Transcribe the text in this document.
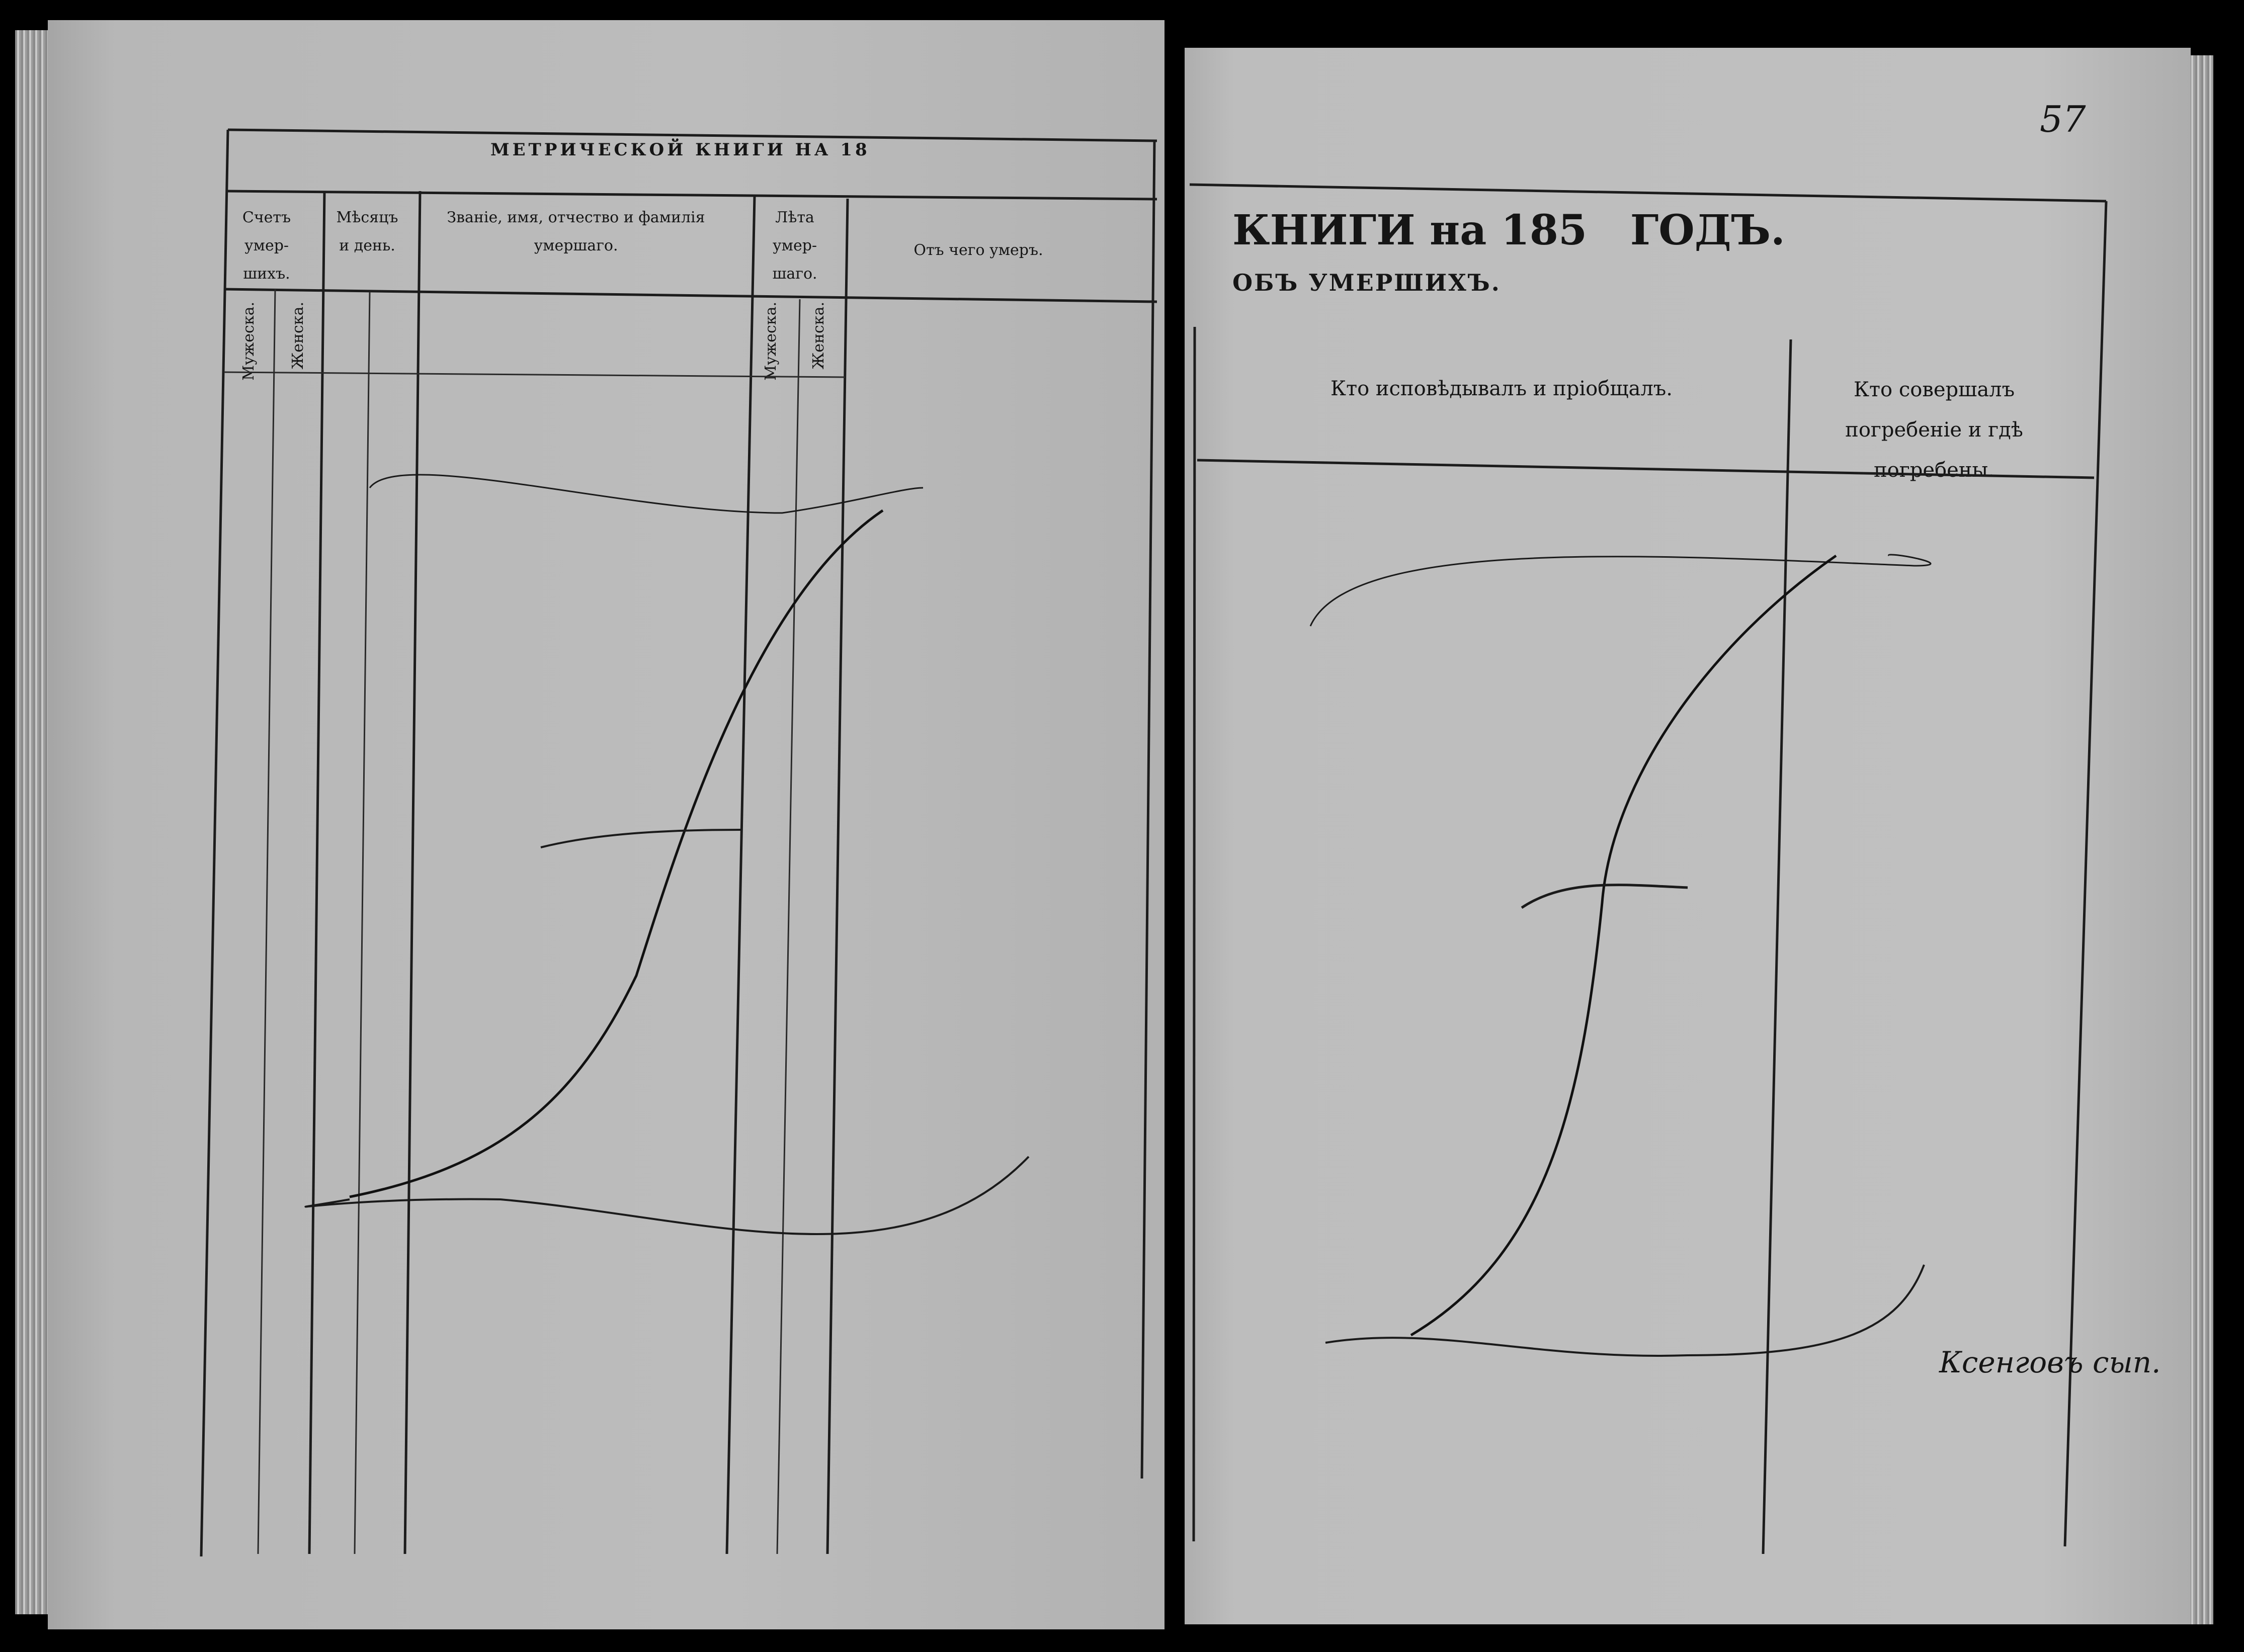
МЕТРИЧЕСКОЙ КНИГИ НА 18
Счетъ умер- шихъ.
Мѣсяцъ и день.
Званіе, имя, отчество и фамилія умершаго.
Лѣта умер- шаго.
Отъ чего умеръ.
Мужеска. Женска.	Мужеска. Женска.
57
КНИГИ на 185   ГОДЪ.
ОБЪ УМЕРШИХЪ.
Кто исповѣдывалъ и пріобщалъ.	Кто совершалъ погребеніе и гдѣ погребены.
Ксенговъ сып.
